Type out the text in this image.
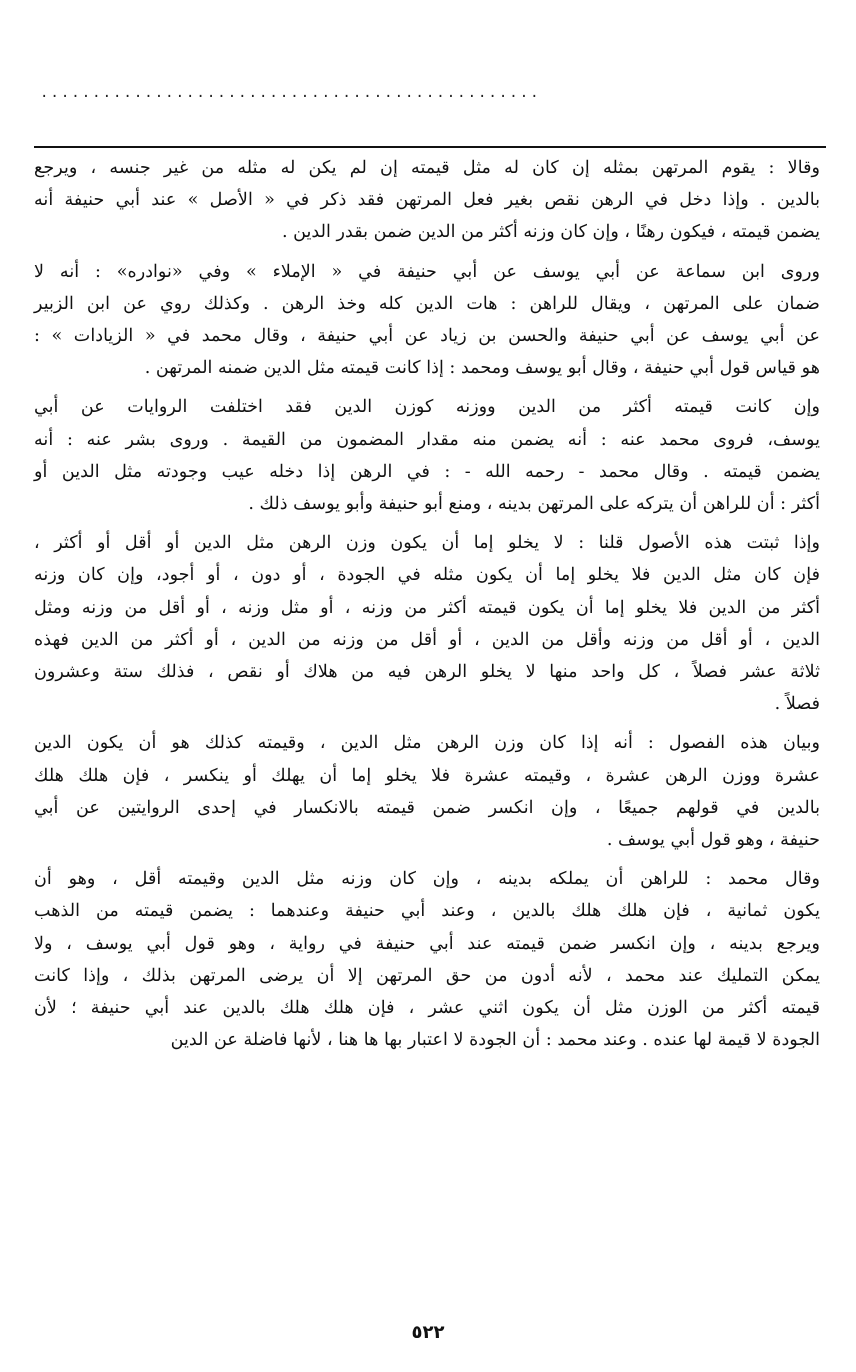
................................................
وقالا : يقوم المرتهن بمثله إن كان له مثل قيمته إن لم يكن له مثله من غير جنسه ، ويرجع
بالدين . وإذا دخل في الرهن نقص بغير فعل المرتهن فقد ذكر في « الأصل » عند أبي حنيفة أنه
يضمن قيمته ، فيكون رهنًا ، وإن كان وزنه أكثر من الدين ضمن بقدر الدين .
وروى ابن سماعة عن أبي يوسف عن أبي حنيفة في « الإملاء » وفي «نوادره» : أنه لا
ضمان على المرتهن ، ويقال للراهن : هات الدين كله وخذ الرهن . وكذلك روي عن ابن الزبير
عن أبي يوسف عن أبي حنيفة والحسن بن زياد عن أبي حنيفة ، وقال محمد في « الزيادات » :
هو قياس قول أبي حنيفة ، وقال أبو يوسف ومحمد : إذا كانت قيمته مثل الدين ضمنه المرتهن .
وإن كانت قيمته أكثر من الدين ووزنه كوزن الدين فقد اختلفت الروايات عن أبي
يوسف، فروى محمد عنه : أنه يضمن منه مقدار المضمون من القيمة . وروى بشر عنه : أنه
يضمن قيمته . وقال محمد - رحمه الله - : في الرهن إذا دخله عيب وجودته مثل الدين أو
أكثر : أن للراهن أن يتركه على المرتهن بدينه ، ومنع أبو حنيفة وأبو يوسف ذلك .
وإذا ثبتت هذه الأصول قلنا : لا يخلو إما أن يكون وزن الرهن مثل الدين أو أقل أو أكثر ،
فإن كان مثل الدين فلا يخلو إما أن يكون مثله في الجودة ، أو دون ، أو أجود، وإن كان وزنه
أكثر من الدين فلا يخلو إما أن يكون قيمته أكثر من وزنه ، أو مثل وزنه ، أو أقل من وزنه ومثل
الدين ، أو أقل من وزنه وأقل من الدين ، أو أقل من وزنه من الدين ، أو أكثر من الدين فهذه
ثلاثة عشر فصلاً ، كل واحد منها لا يخلو الرهن فيه من هلاك أو نقص ، فذلك ستة وعشرون
فصلاً .
وبيان هذه الفصول : أنه إذا كان وزن الرهن مثل الدين ، وقيمته كذلك هو أن يكون الدين
عشرة ووزن الرهن عشرة ، وقيمته عشرة فلا يخلو إما أن يهلك أو ينكسر ، فإن هلك هلك
بالدين في قولهم جميعًا ، وإن انكسر ضمن قيمته بالانكسار في إحدى الروايتين عن أبي
حنيفة ، وهو قول أبي يوسف .
وقال محمد : للراهن أن يملكه بدينه ، وإن كان وزنه مثل الدين وقيمته أقل ، وهو أن
يكون ثمانية ، فإن هلك هلك بالدين ، وعند أبي حنيفة وعندهما : يضمن قيمته من الذهب
ويرجع بدينه ، وإن انكسر ضمن قيمته عند أبي حنيفة في رواية ، وهو قول أبي يوسف ، ولا
يمكن التمليك عند محمد ، لأنه أدون من حق المرتهن إلا أن يرضى المرتهن بذلك ، وإذا كانت
قيمته أكثر من الوزن مثل أن يكون اثني عشر ، فإن هلك هلك بالدين عند أبي حنيفة ؛ لأن
الجودة لا قيمة لها عنده . وعند محمد : أن الجودة لا اعتبار بها ها هنا ، لأنها فاضلة عن الدين
٥٢٢
